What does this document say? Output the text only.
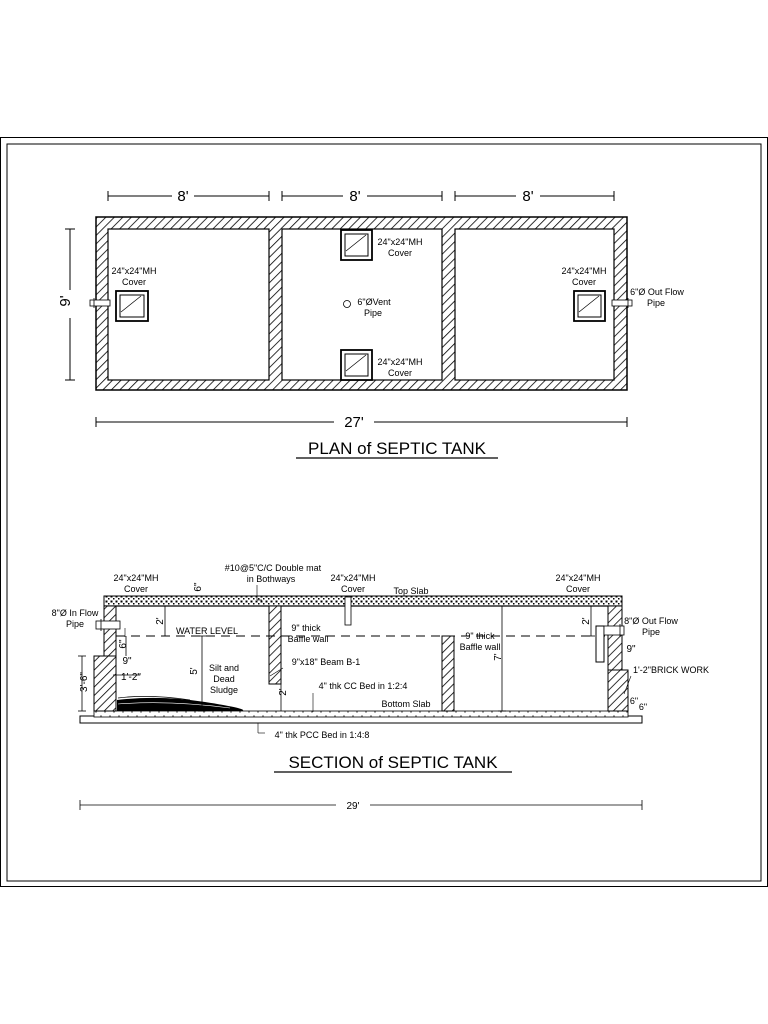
24"x24"MH
Cover
24"x24"MH
Cover
24"x24"MH
Cover
24"x24"MH
Cover
6"ØVent
Pipe
6"Ø Out Flow
Pipe
8'	8'	8'
9'
27'
PLAN of SEPTIC TANK
#10@5"C/C Double mat
in Bothways
24"x24"MH
Cover
24"x24"MH
Cover
24"x24"MH
Cover
Top Slab
6"
8"Ø In Flow
Pipe	8"Ø Out Flow
Pipe
WATER LEVEL
2'	2'
9" thick
Baffle wall	9" thick
Baffle wall
9"x18" Beam B-1
9"
6"
3'-6"	1'-2"
5' Silt and
Dead
Sludge	2'
7'
9"
1'-2"BRICK WORK
6"
6"
4" thk CC Bed in 1:2:4
Bottom Slab
4" thk PCC Bed in 1:4:8
SECTION of SEPTIC TANK
29'
